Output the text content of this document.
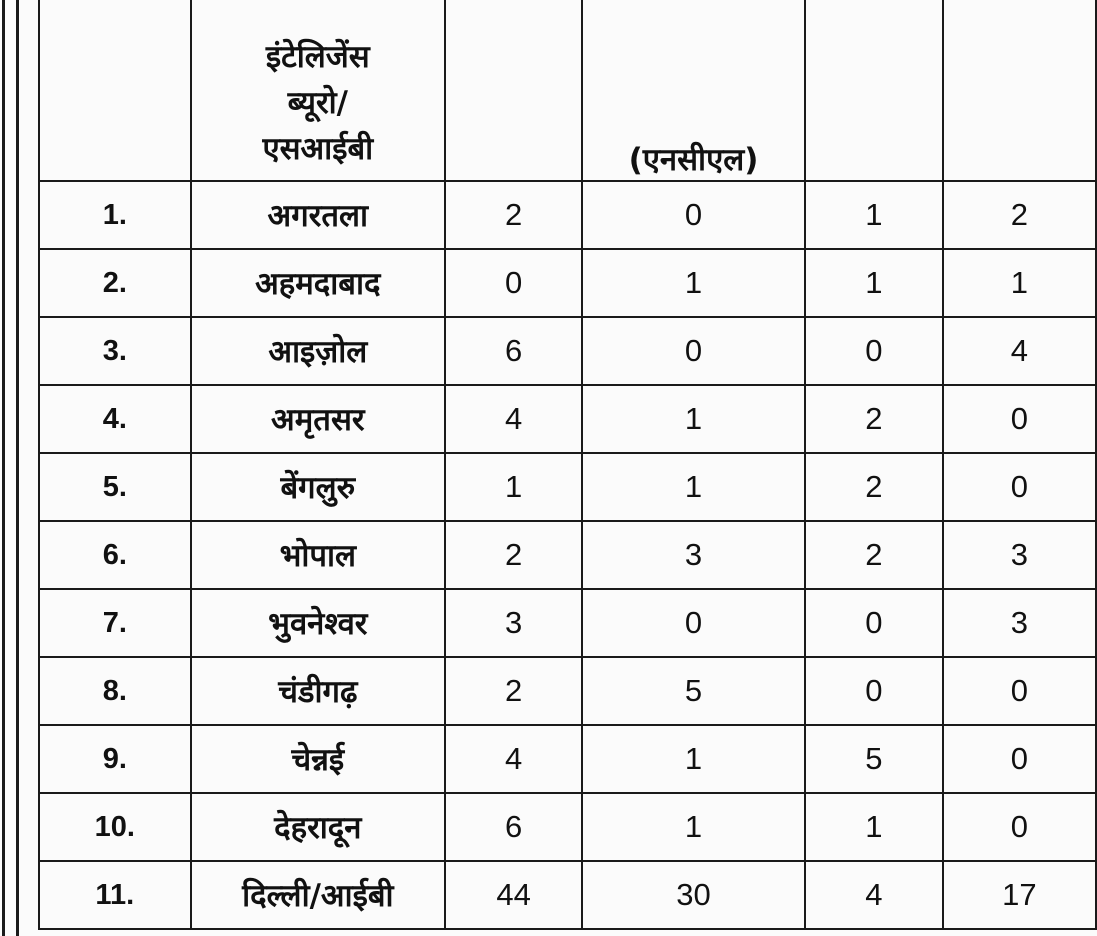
	इंटेलिजेंस
ब्यूरो/
एसआईबी		(एनसीएल)		
1.	अगरतला	2	0	1	2
2.	अहमदाबाद	0	1	1	1
3.	आइज़ोल	6	0	0	4
4.	अमृतसर	4	1	2	0
5.	बेंगलुरु	1	1	2	0
6.	भोपाल	2	3	2	3
7.	भुवनेश्वर	3	0	0	3
8.	चंडीगढ़	2	5	0	0
9.	चेन्नई	4	1	5	0
10.	देहरादून	6	1	1	0
11.	दिल्ली/आईबी	44	30	4	17
